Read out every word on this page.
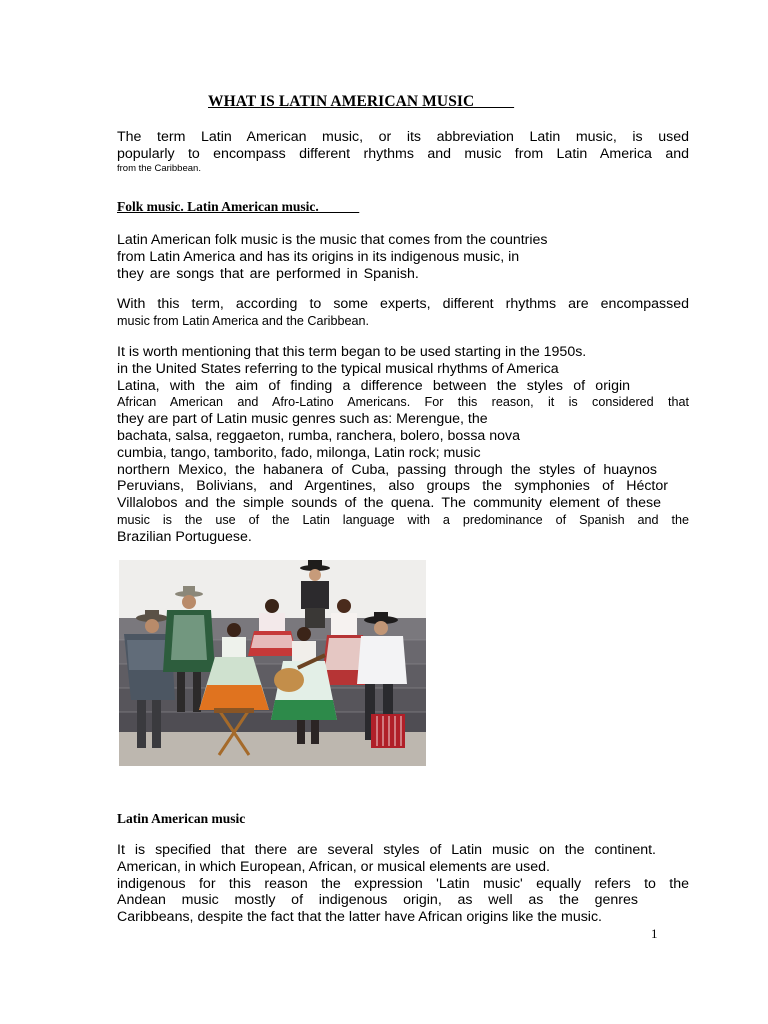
WHAT IS LATIN AMERICAN MUSIC
The term Latin American music, or its abbreviation Latin music, is used
popularly to encompass different rhythms and music from Latin America and
from the Caribbean.
Folk music. Latin American music.
Latin American folk music is the music that comes from the countries
from Latin America and has its origins in its indigenous music, in
they are songs that are performed in Spanish.
With this term, according to some experts, different rhythms are encompassed
music from Latin America and the Caribbean.
It is worth mentioning that this term began to be used starting in the 1950s.
in the United States referring to the typical musical rhythms of America
Latina, with the aim of finding a difference between the styles of origin
African American and Afro-Latino Americans. For this reason, it is considered that
they are part of Latin music genres such as: Merengue, the
bachata, salsa, reggaeton, rumba, ranchera, bolero, bossa nova
cumbia, tango, tamborito, fado, milonga, Latin rock; music
northern Mexico, the habanera of Cuba, passing through the styles of huaynos
Peruvians, Bolivians, and Argentines, also groups the symphonies of Héctor
Villalobos and the simple sounds of the quena. The community element of these
music is the use of the Latin language with a predominance of Spanish and the
Brazilian Portuguese.
Latin American music
It is specified that there are several styles of Latin music on the continent.
American, in which European, African, or musical elements are used.
indigenous for this reason the expression 'Latin music' equally refers to the
Andean music mostly of indigenous origin, as well as the genres
Caribbeans, despite the fact that the latter have African origins like the music.
1
